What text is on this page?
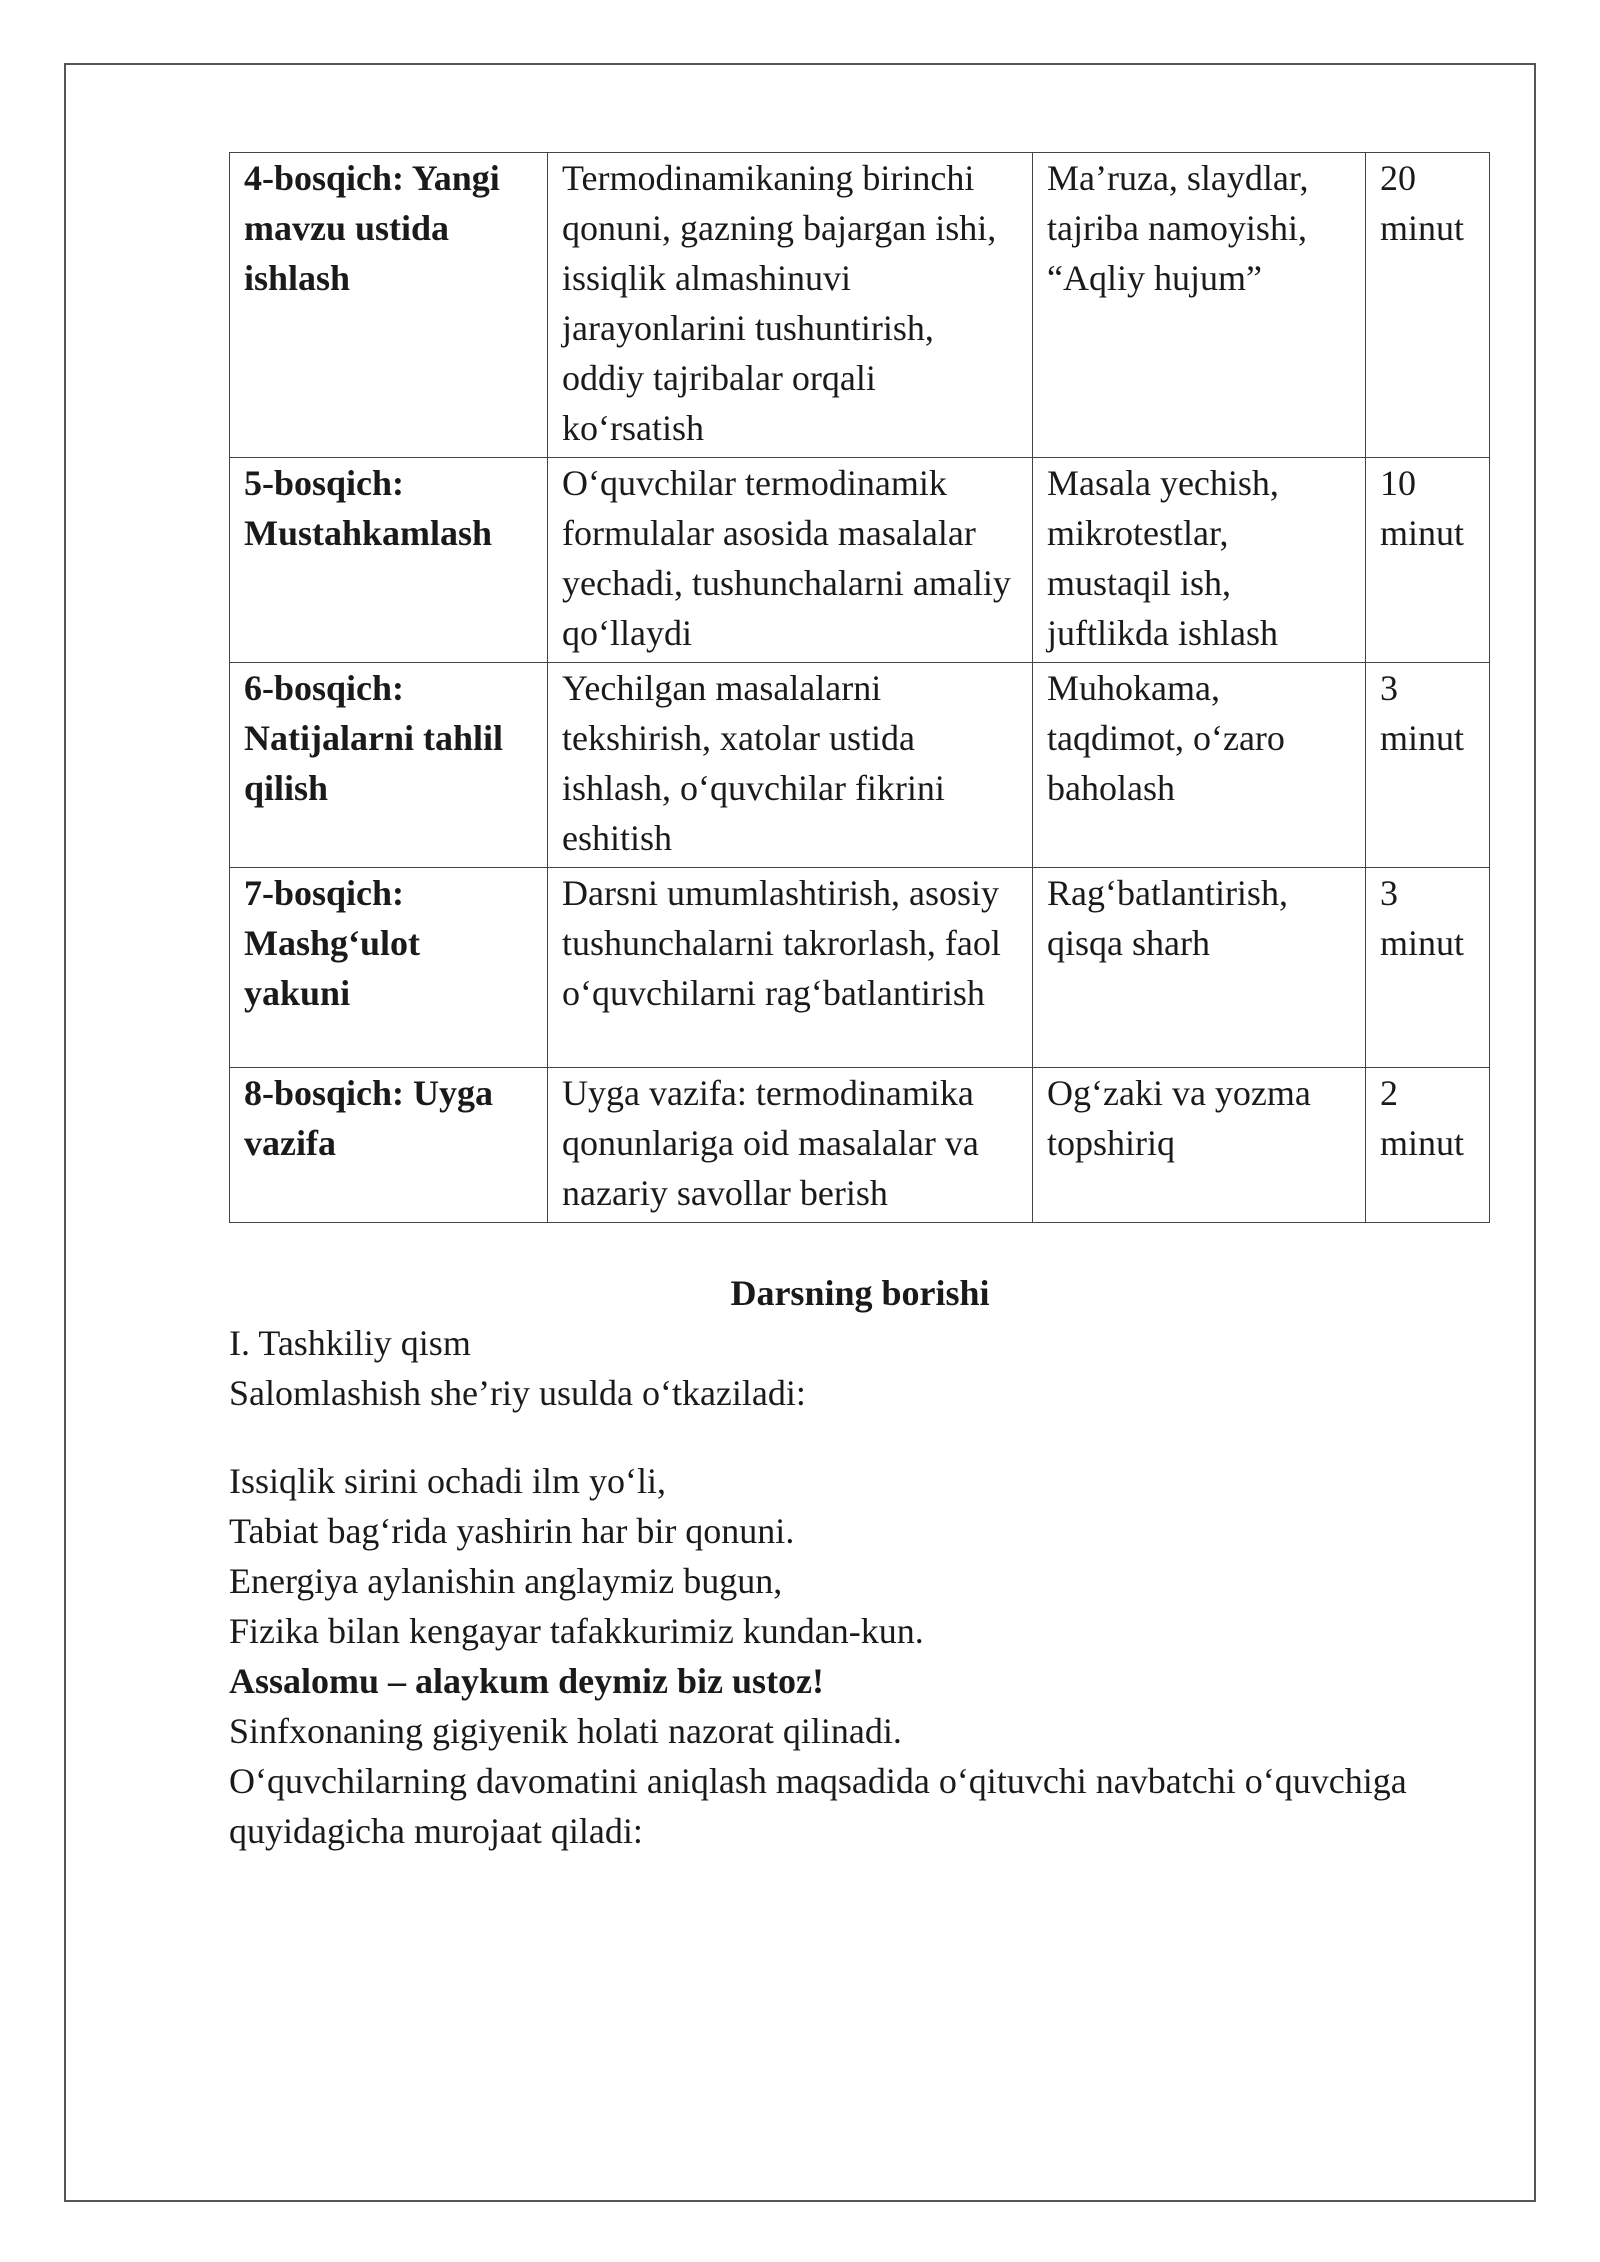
4-bosqich: Yangi mavzu ustida ishlash	Termodinamikaning birinchi qonuni, gazning bajargan ishi, issiqlik almashinuvi jarayonlarini tushuntirish, oddiy tajribalar orqali ko‘rsatish	Ma’ruza, slaydlar, tajriba namoyishi, “Aqliy hujum”	20 minut
5-bosqich: Mustahkamlash	O‘quvchilar termodinamik formulalar asosida masalalar yechadi, tushunchalarni amaliy qo‘llaydi	Masala yechish, mikrotestlar, mustaqil ish, juftlikda ishlash	10 minut
6-bosqich: Natijalarni tahlil qilish	Yechilgan masalalarni tekshirish, xatolar ustida ishlash, o‘quvchilar fikrini eshitish	Muhokama, taqdimot, o‘zaro baholash	3 minut
7-bosqich: Mashg‘ulot yakuni	Darsni umumlashtirish, asosiy tushunchalarni takrorlash, faol o‘quvchilarni rag‘batlantirish	Rag‘batlantirish, qisqa sharh	3 minut
8-bosqich: Uyga vazifa	Uyga vazifa: termodinamika qonunlariga oid masalalar va nazariy savollar berish	Og‘zaki va yozma topshiriq	2 minut
Darsning borishi

I. Tashkiliy qism

Salomlashish she’riy usulda o‘tkaziladi:

Issiqlik sirini ochadi ilm yo‘li,

Tabiat bag‘rida yashirin har bir qonuni.

Energiya aylanishin anglaymiz bugun,

Fizika bilan kengayar tafakkurimiz kundan-kun.

Assalomu – alaykum deymiz biz ustoz!

Sinfxonaning gigiyenik holati nazorat qilinadi.

O‘quvchilarning davomatini aniqlash maqsadida o‘qituvchi navbatchi o‘quvchiga quyidagicha murojaat qiladi:
